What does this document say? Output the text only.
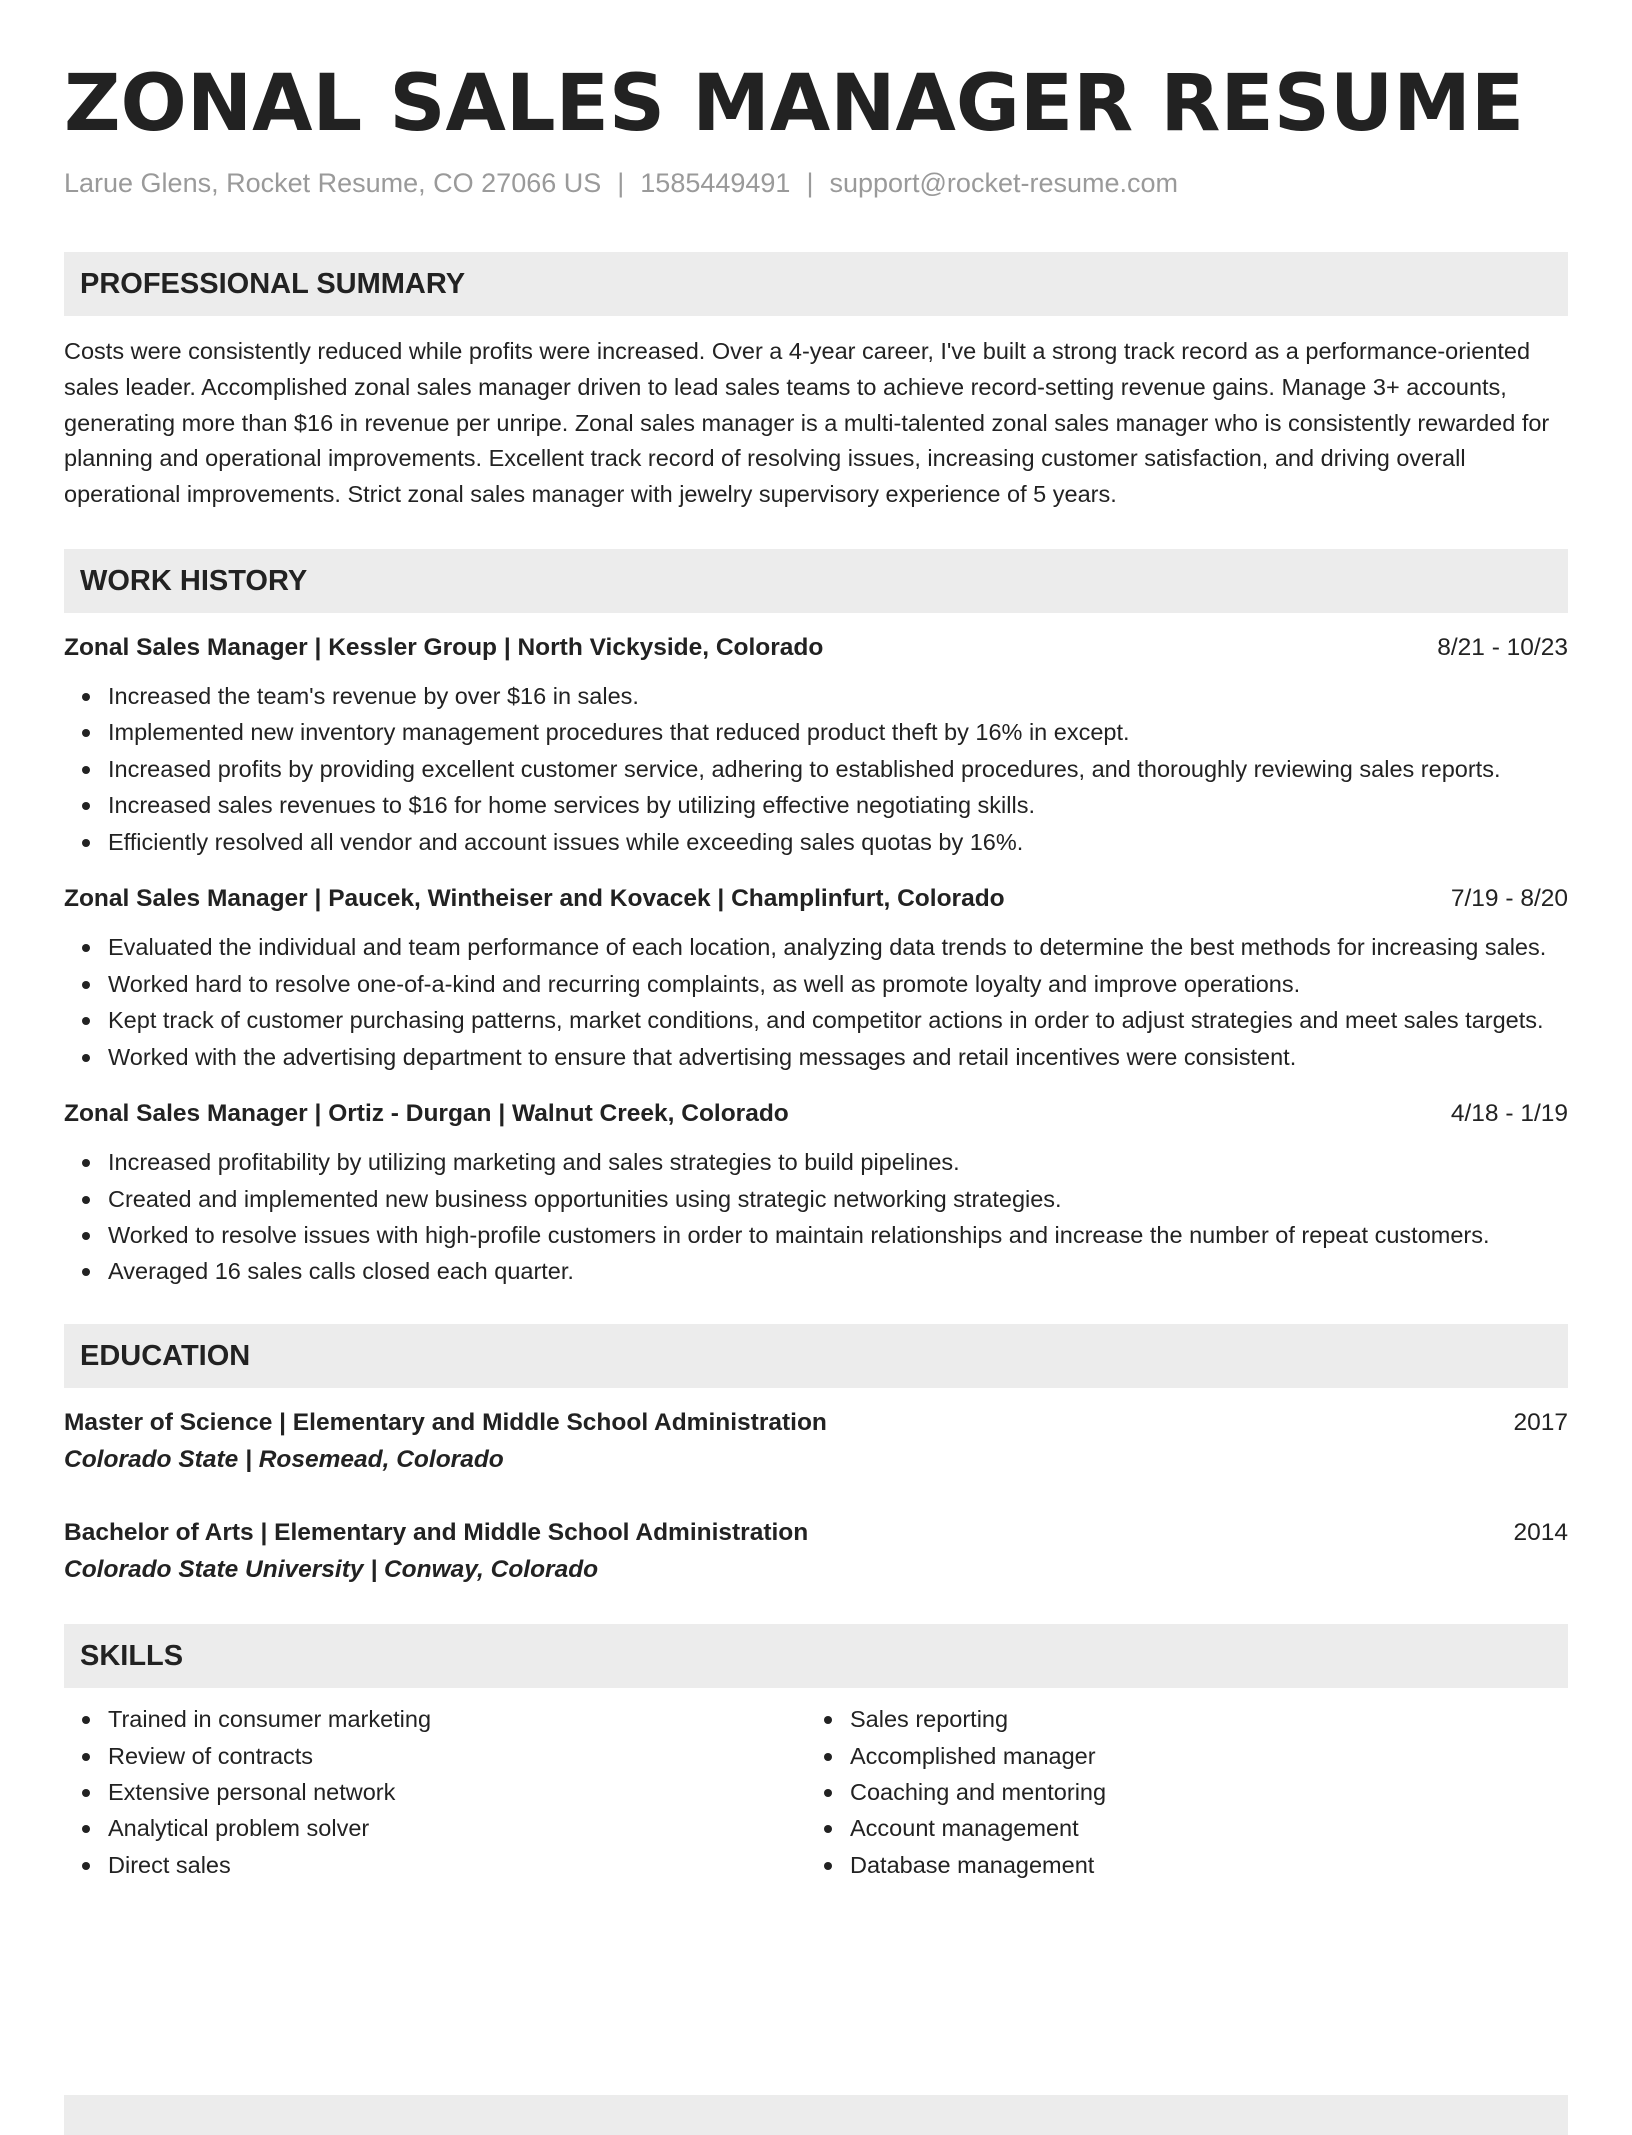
ZONAL SALES MANAGER RESUME
Larue Glens, Rocket Resume, CO 27066 US | 1585449491 | support@rocket-resume.com
PROFESSIONAL SUMMARY

Costs were consistently reduced while profits were increased. Over a 4-year career, I've built a strong track record as a performance-oriented sales leader. Accomplished zonal sales manager driven to lead sales teams to achieve record-setting revenue gains. Manage 3+ accounts, generating more than $16 in revenue per unripe. Zonal sales manager is a multi-talented zonal sales manager who is consistently rewarded for planning and operational improvements. Excellent track record of resolving issues, increasing customer satisfaction, and driving overall operational improvements. Strict zonal sales manager with jewelry supervisory experience of 5 years.

WORK HISTORY
Zonal Sales Manager | Kessler Group | North Vickyside, Colorado	8/21 - 10/23
Increased the team's revenue by over $16 in sales.
Implemented new inventory management procedures that reduced product theft by 16% in except.
Increased profits by providing excellent customer service, adhering to established procedures, and thoroughly reviewing sales reports.
Increased sales revenues to $16 for home services by utilizing effective negotiating skills.
Efficiently resolved all vendor and account issues while exceeding sales quotas by 16%.
Zonal Sales Manager | Paucek, Wintheiser and Kovacek | Champlinfurt, Colorado	7/19 - 8/20
Evaluated the individual and team performance of each location, analyzing data trends to determine the best methods for increasing sales.
Worked hard to resolve one-of-a-kind and recurring complaints, as well as promote loyalty and improve operations.
Kept track of customer purchasing patterns, market conditions, and competitor actions in order to adjust strategies and meet sales targets.
Worked with the advertising department to ensure that advertising messages and retail incentives were consistent.
Zonal Sales Manager | Ortiz - Durgan | Walnut Creek, Colorado	4/18 - 1/19
Increased profitability by utilizing marketing and sales strategies to build pipelines.
Created and implemented new business opportunities using strategic networking strategies.
Worked to resolve issues with high-profile customers in order to maintain relationships and increase the number of repeat customers.
Averaged 16 sales calls closed each quarter.
EDUCATION
Master of Science | Elementary and Middle School Administration	2017
Colorado State | Rosemead, Colorado
Bachelor of Arts | Elementary and Middle School Administration	2014
Colorado State University | Conway, Colorado
SKILLS
Trained in consumer marketing
Review of contracts
Extensive personal network
Analytical problem solver
Direct sales
Sales reporting
Accomplished manager
Coaching and mentoring
Account management
Database management
